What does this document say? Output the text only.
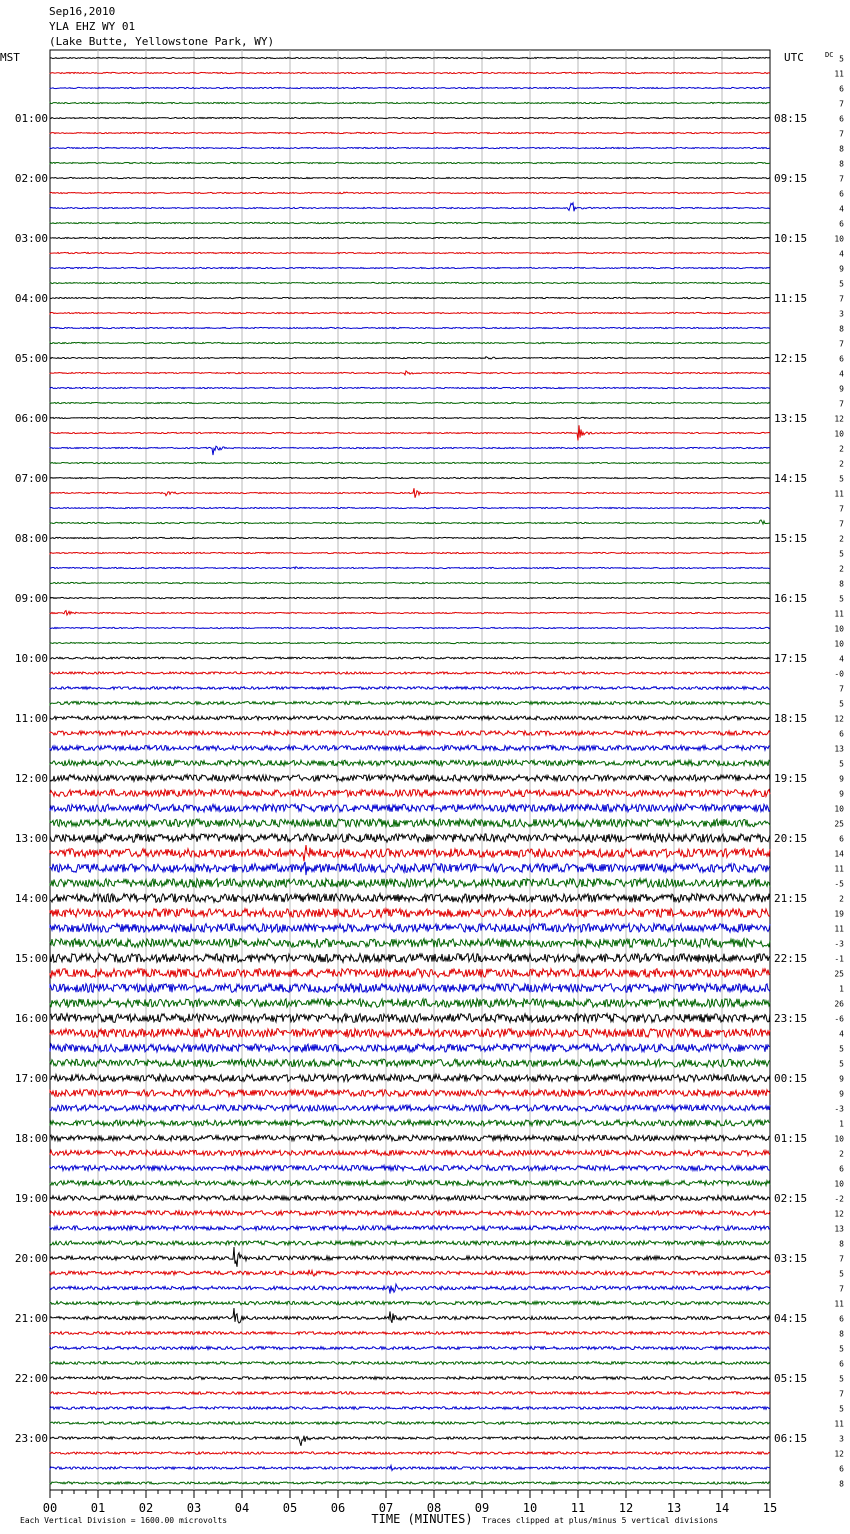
Sep16,2010
YLA EHZ WY 01
(Lake Butte, Yellowstone Park, WY)
5
11
6
7
6
7
8
8
7
6
4
6
10
4
9
5
7
3
8
7
6
4
9
7
12
10
2
2
5
11
7
7
2
5
2
8
5
11
10
10
4
-0
7
5
12
6
13
5
9
9
10
25
6
14
11
-5
2
19
11
-3
-1
25
1
26
-6
4
5
5
9
9
-3
1
10
2
6
10
-2
12
13
8
7
5
7
11
6
8
5
6
5
7
5
11
3
12
6
8
01:00	08:15
02:00	09:15
03:00	10:15
04:00	11:15
05:00	12:15
06:00	13:15
07:00	14:15
08:00	15:15
09:00	16:15
10:00	17:15
11:00	18:15
12:00	19:15
13:00	20:15
14:00	21:15
15:00	22:15
16:00	23:15
17:00	00:15
18:00	01:15
19:00	02:15
20:00	03:15
21:00	04:15
22:00	05:15
23:00	06:15
MST	UTC	DC
00	01	02	03	04	05	06	07	08	09	10	11	12	13	14	15
TIME (MINUTES)
Each Vertical Division = 1600.00 microvolts	Traces clipped at plus/minus 5 vertical divisions
